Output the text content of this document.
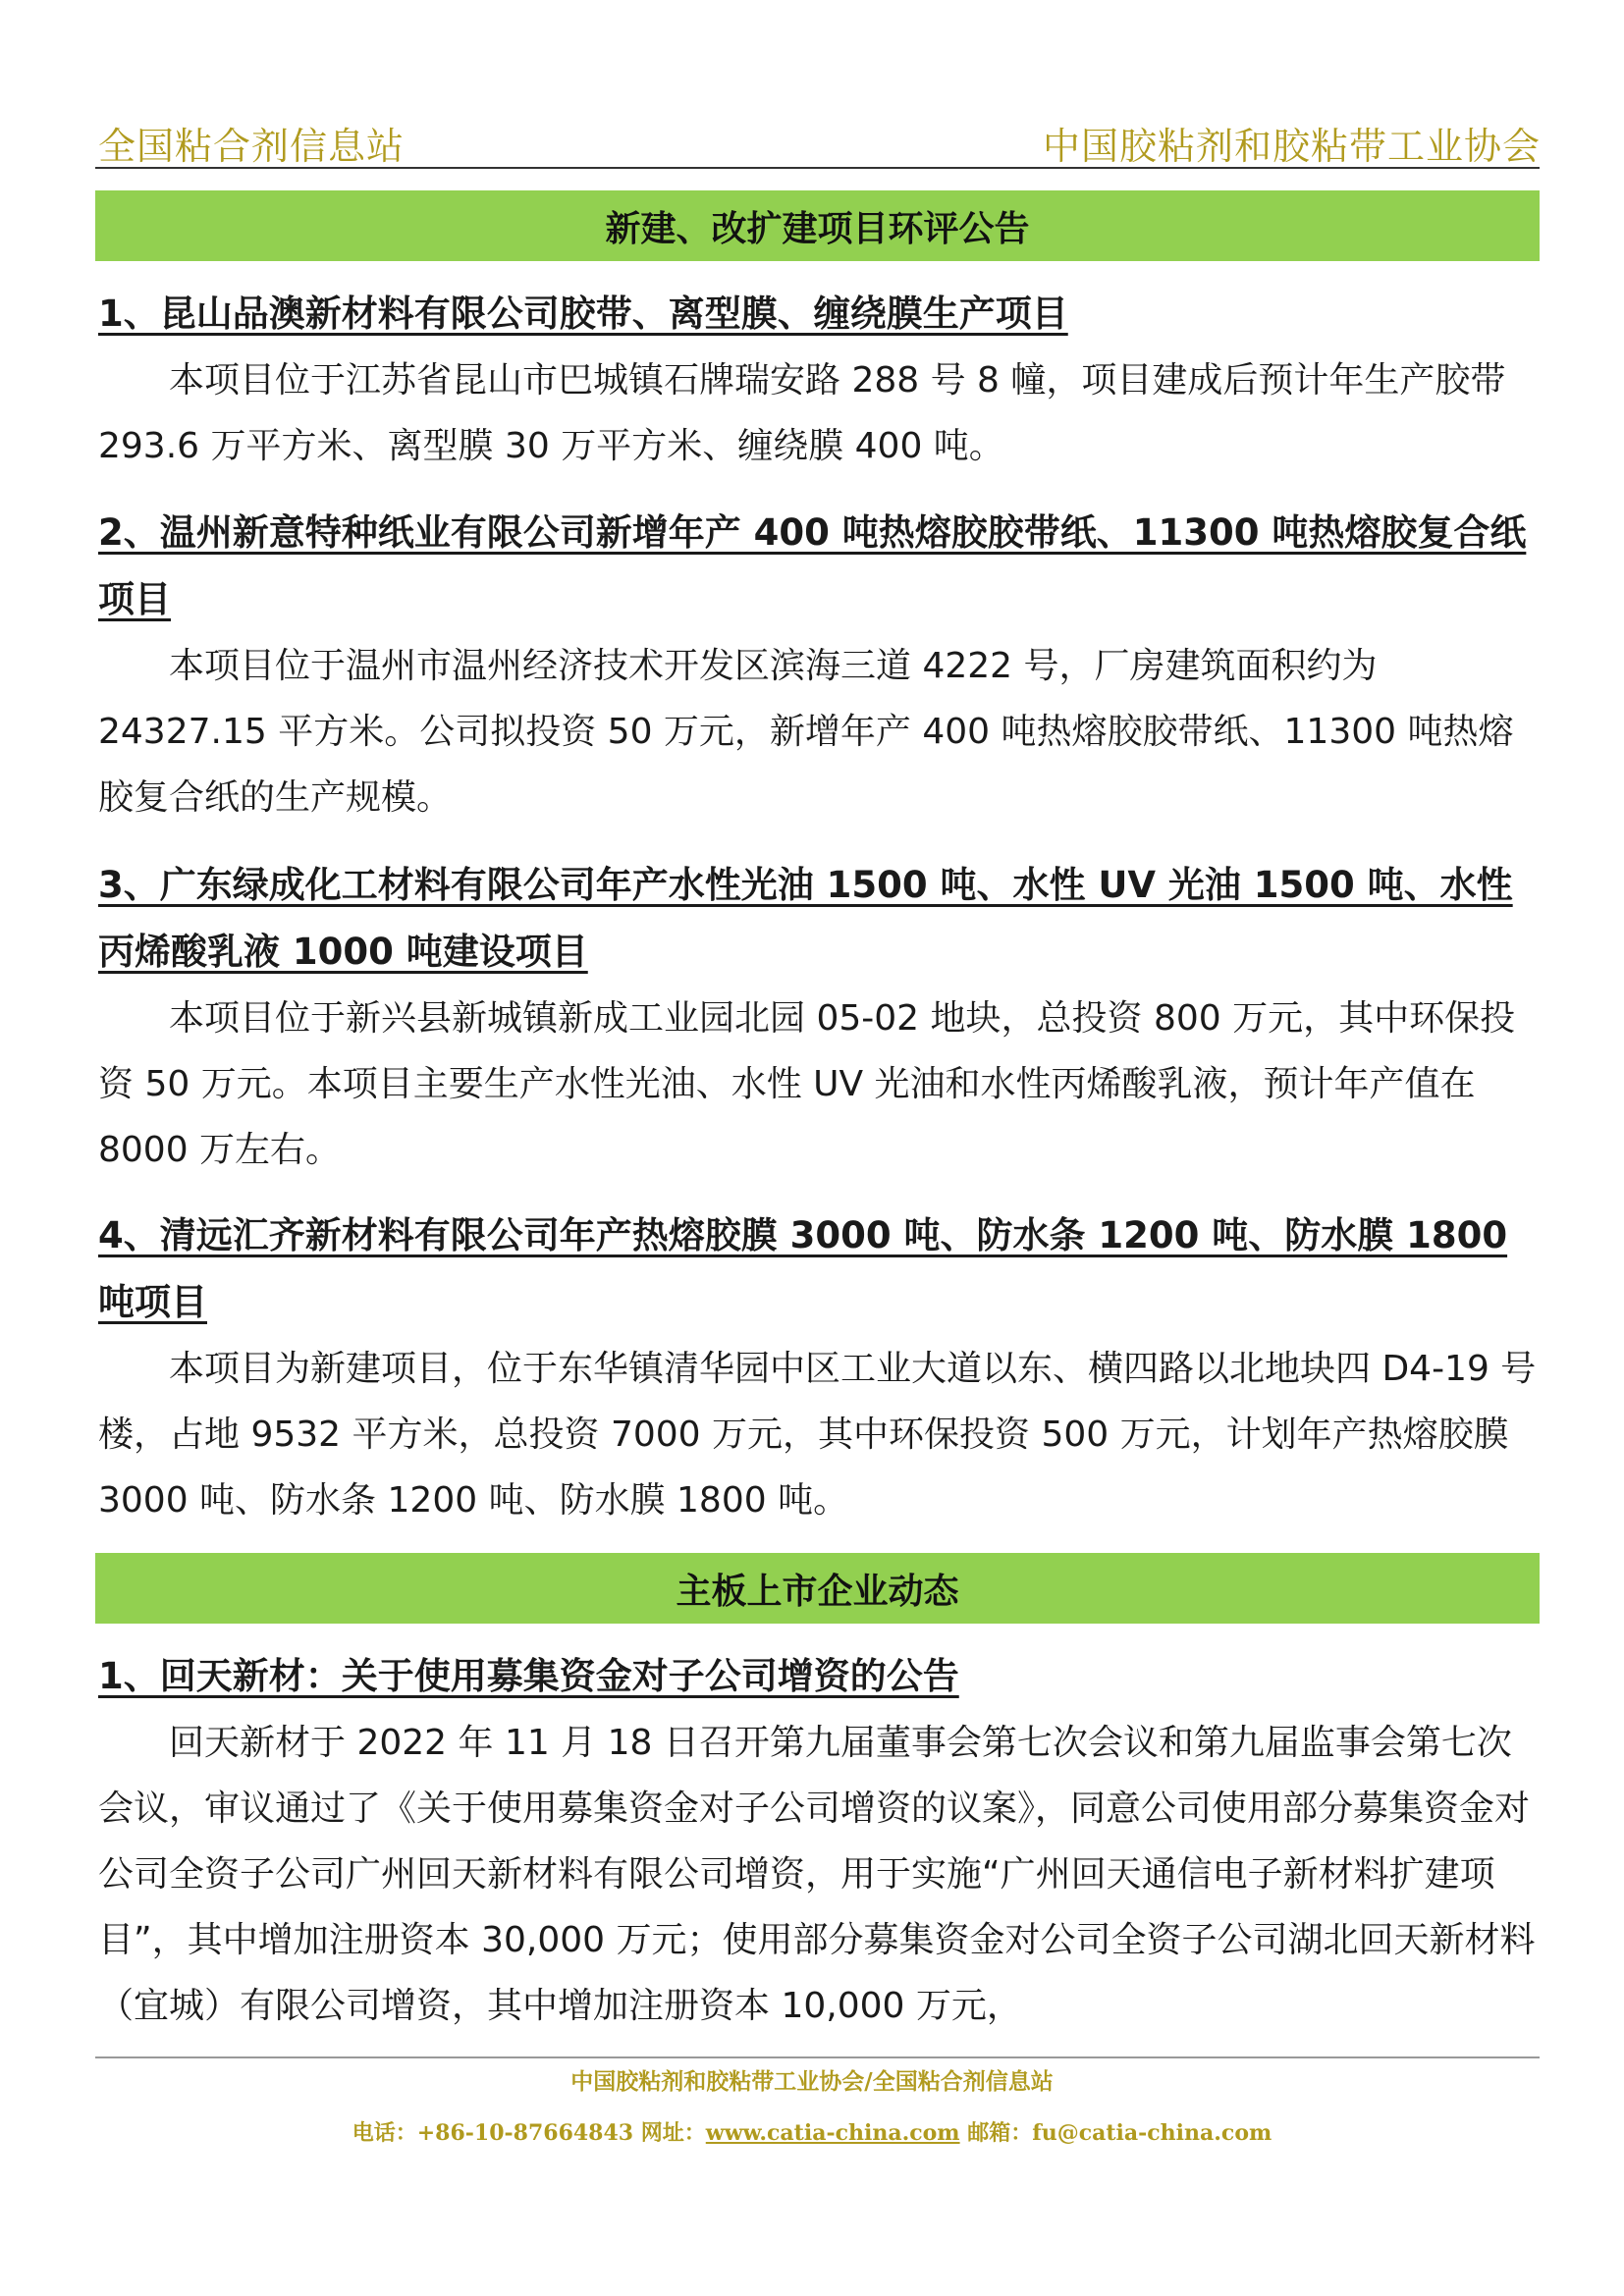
全国粘合剂信息站	中国胶粘剂和胶粘带工业协会
新建、改扩建项目环评公告

1、昆山品澳新材料有限公司胶带、离型膜、缠绕膜生产项目

本项目位于江苏省昆山市巴城镇石牌瑞安路 288 号 8 幢，项目建成后预计年生产胶带 293.6 万平方米、离型膜 30 万平方米、缠绕膜 400 吨。

2、温州新意特种纸业有限公司新增年产 400 吨热熔胶胶带纸、11300 吨热熔胶复合纸项目

本项目位于温州市温州经济技术开发区滨海三道 4222 号，厂房建筑面积约为 24327.15 平方米。公司拟投资 50 万元，新增年产 400 吨热熔胶胶带纸、11300 吨热熔胶复合纸的生产规模。

3、广东绿成化工材料有限公司年产水性光油 1500 吨、水性 UV 光油 1500 吨、水性丙烯酸乳液 1000 吨建设项目

本项目位于新兴县新城镇新成工业园北园 05-02 地块，总投资 800 万元，其中环保投资 50 万元。本项目主要生产水性光油、水性 UV 光油和水性丙烯酸乳液，预计年产值在 8000 万左右。

4、清远汇齐新材料有限公司年产热熔胶膜 3000 吨、防水条 1200 吨、防水膜 1800 吨项目

本项目为新建项目，位于东华镇清华园中区工业大道以东、横四路以北地块四 D4-19 号楼，占地 9532 平方米，总投资 7000 万元，其中环保投资 500 万元，计划年产热熔胶膜 3000 吨、防水条 1200 吨、防水膜 1800 吨。

主板上市企业动态

1、回天新材：关于使用募集资金对子公司增资的公告

回天新材于 2022 年 11 月 18 日召开第九届董事会第七次会议和第九届监事会第七次会议，审议通过了《关于使用募集资金对子公司增资的议案》，同意公司使用部分募集资金对公司全资子公司广州回天新材料有限公司增资，用于实施“广州回天通信电子新材料扩建项目”，其中增加注册资本 30,000 万元；使用部分募集资金对公司全资子公司湖北回天新材料（宜城）有限公司增资，其中增加注册资本 10,000 万元，

中国胶粘剂和胶粘带工业协会/全国粘合剂信息站
电话：+86-10-87664843 网址：www.catia-china.com 邮箱：fu@catia-china.com
